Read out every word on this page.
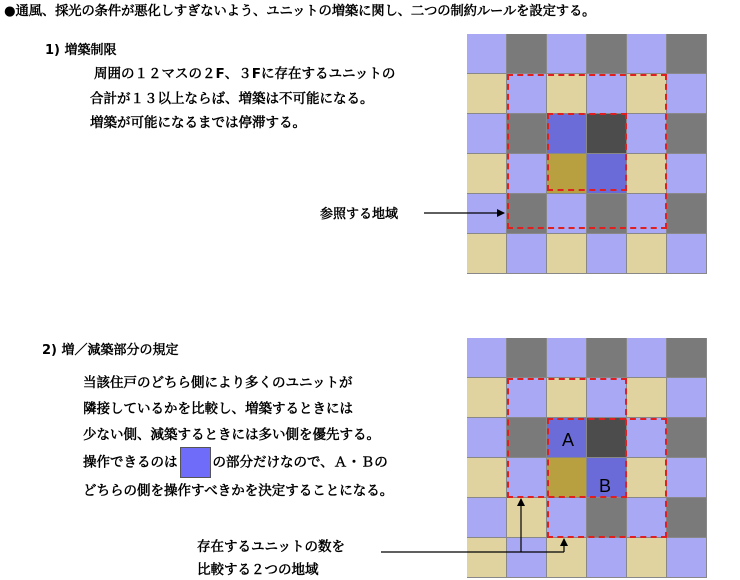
●通風、採光の条件が悪化しすぎないよう、ユニットの増築に関し、二つの制約ルールを設定する。
1) 増築制限
周囲の１２マスの２F、３Fに存在するユニットの
合計が１３以上ならば、増築は不可能になる。
増築が可能になるまでは停滞する。
参照する地域
2) 増／減築部分の規定
当該住戸のどちら側により多くのユニットが
隣接しているかを比較し、増築するときには
少ない側、減築するときには多い側を優先する。
操作できるのは	の部分だけなので、Ａ・Ｂの
どちらの側を操作すべきかを決定することになる。
存在するユニットの数を
比較する２つの地域
A
B
